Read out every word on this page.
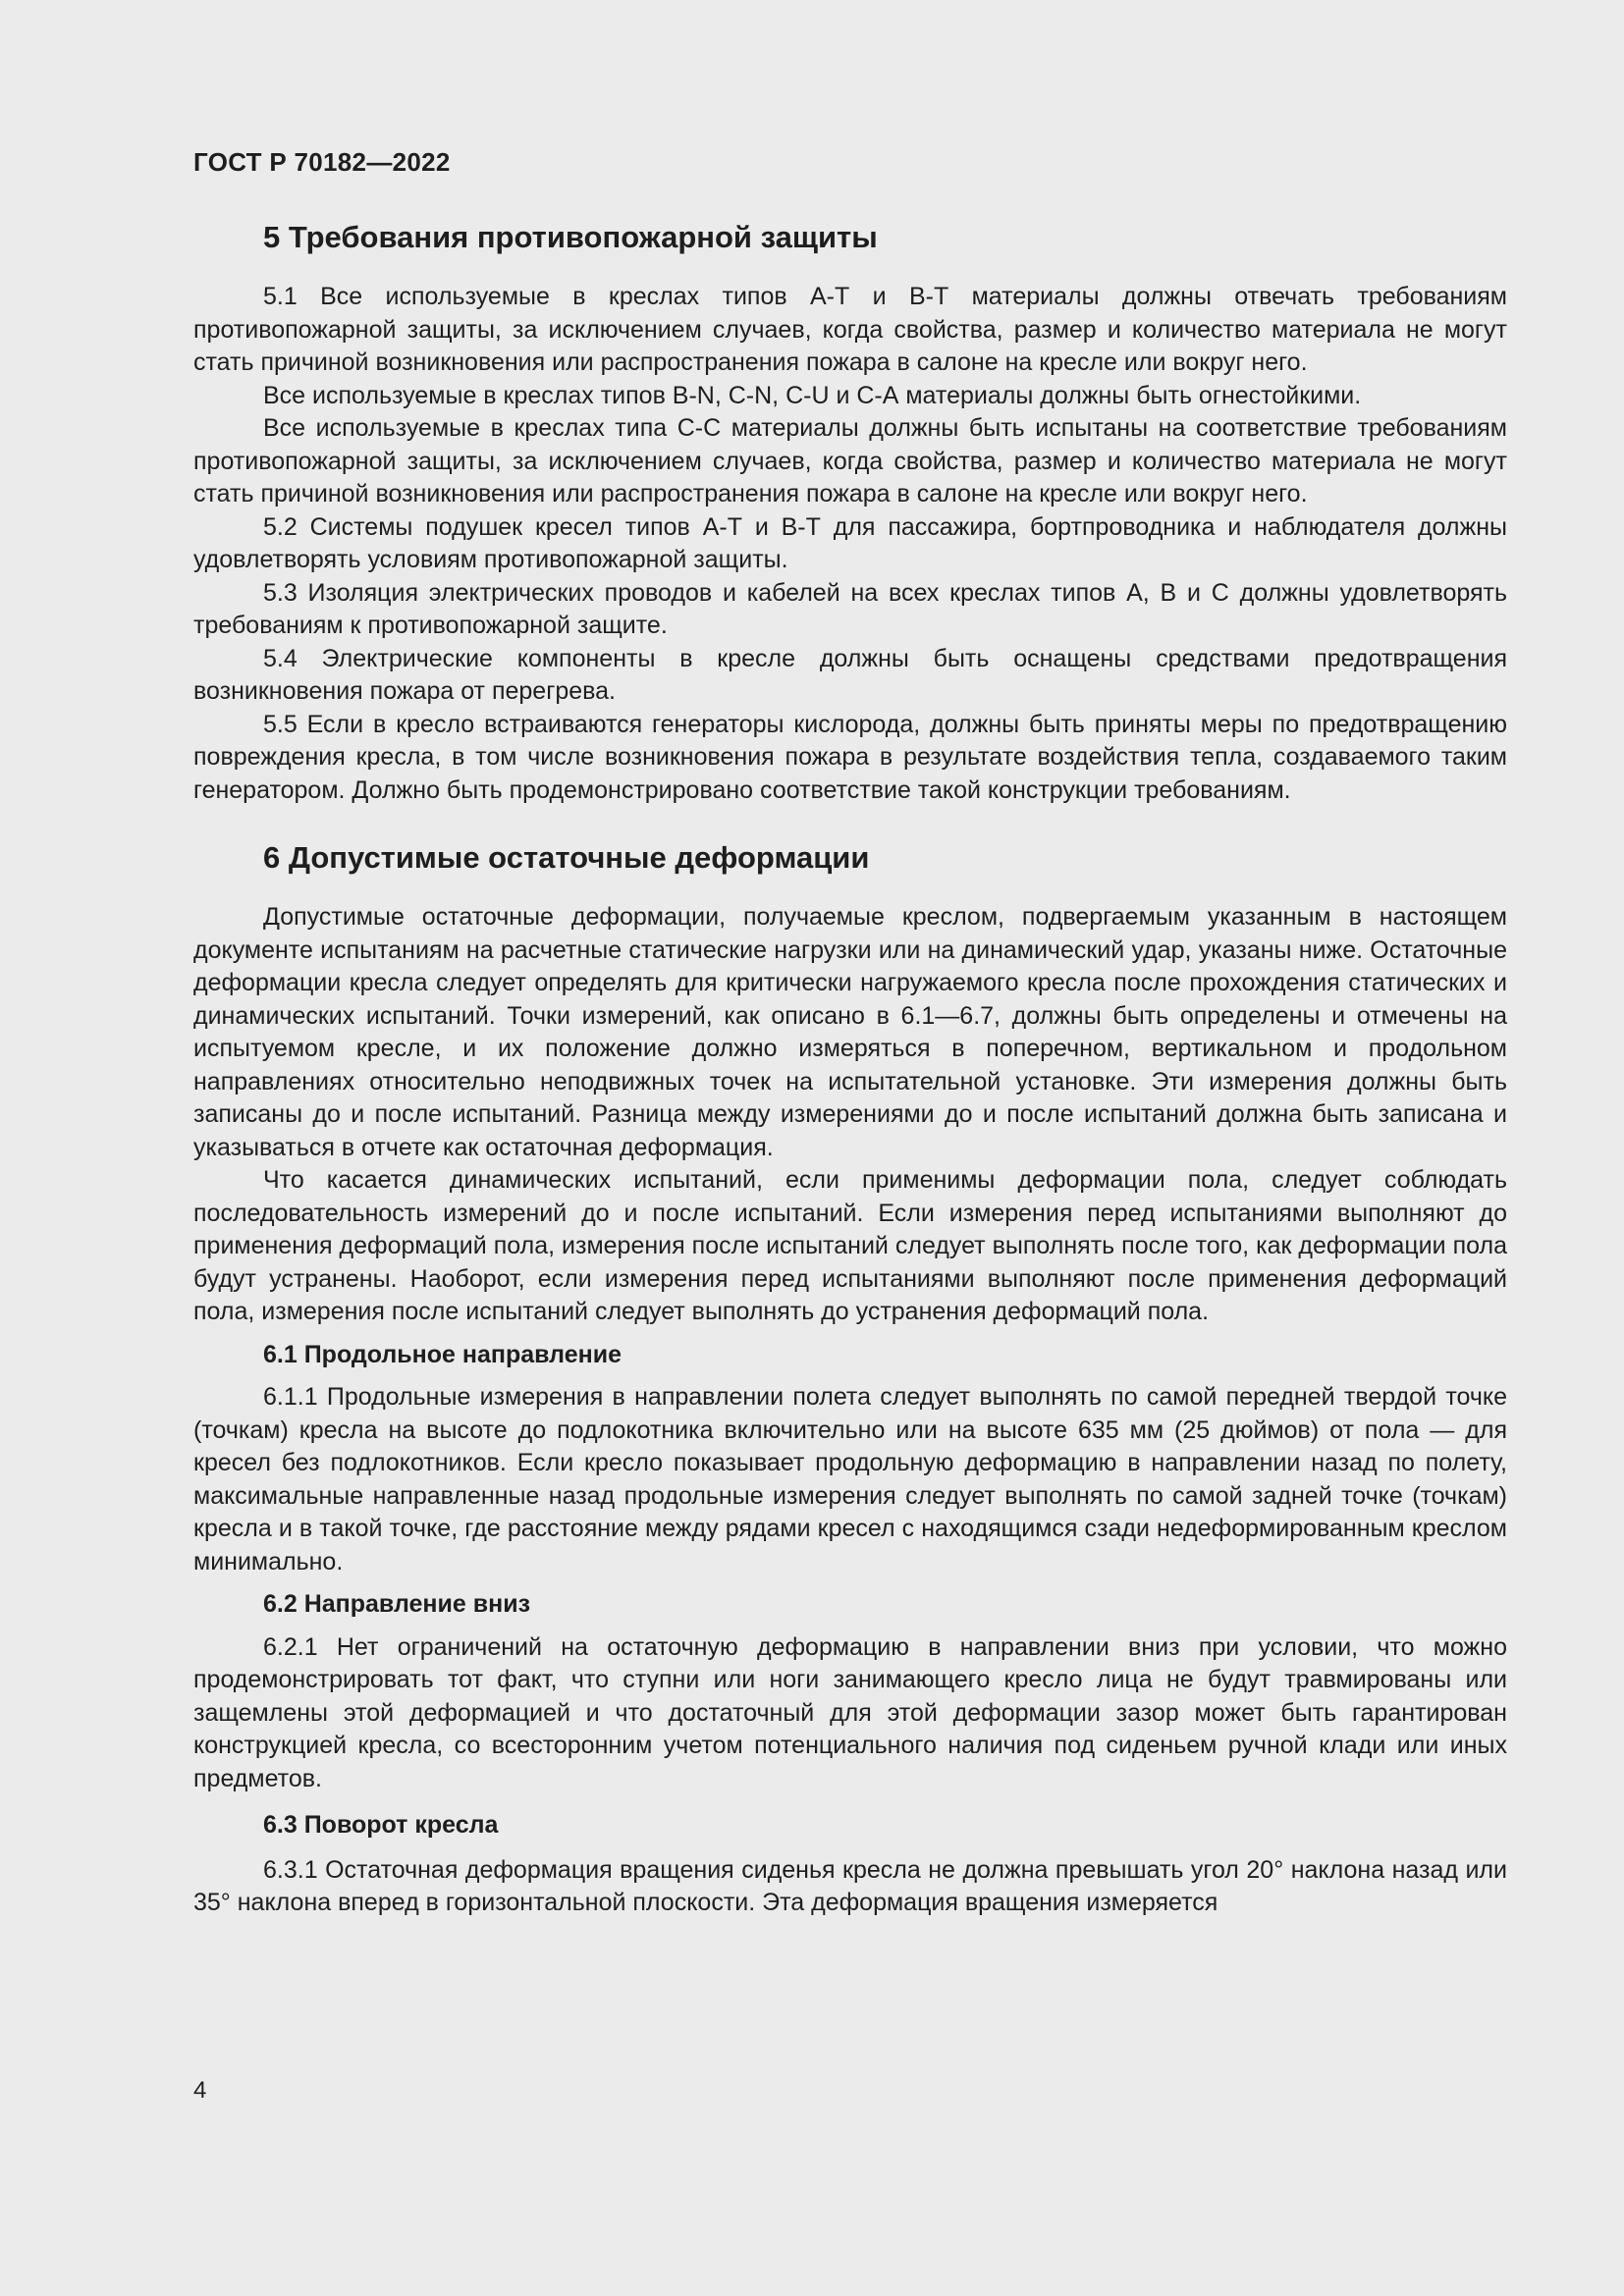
ГОСТ Р 70182—2022
5 Требования противопожарной защиты

5.1 Все используемые в креслах типов А-Т и В-Т материалы должны отвечать требованиям противопожарной защиты, за исключением случаев, когда свойства, размер и количество материала не могут стать причиной возникновения или распространения пожара в салоне на кресле или вокруг него.

Все используемые в креслах типов В-N, С-N, С-U и С-А материалы должны быть огнестойкими.

Все используемые в креслах типа С-С материалы должны быть испытаны на соответствие требованиям противопожарной защиты, за исключением случаев, когда свойства, размер и количество материала не могут стать причиной возникновения или распространения пожара в салоне на кресле или вокруг него.

5.2 Системы подушек кресел типов А-Т и В-Т для пассажира, бортпроводника и наблюдателя должны удовлетворять условиям противопожарной защиты.

5.3 Изоляция электрических проводов и кабелей на всех креслах типов А, В и С должны удовлетворять требованиям к противопожарной защите.

5.4 Электрические компоненты в кресле должны быть оснащены средствами предотвращения возникновения пожара от перегрева.

5.5 Если в кресло встраиваются генераторы кислорода, должны быть приняты меры по предотвращению повреждения кресла, в том числе возникновения пожара в результате воздействия тепла, создаваемого таким генератором. Должно быть продемонстрировано соответствие такой конструкции требованиям.

6 Допустимые остаточные деформации

Допустимые остаточные деформации, получаемые креслом, подвергаемым указанным в настоящем документе испытаниям на расчетные статические нагрузки или на динамический удар, указаны ниже. Остаточные деформации кресла следует определять для критически нагружаемого кресла после прохождения статических и динамических испытаний. Точки измерений, как описано в 6.1—6.7, должны быть определены и отмечены на испытуемом кресле, и их положение должно измеряться в поперечном, вертикальном и продольном направлениях относительно неподвижных точек на испытательной установке. Эти измерения должны быть записаны до и после испытаний. Разница между измерениями до и после испытаний должна быть записана и указываться в отчете как остаточная деформация.

Что касается динамических испытаний, если применимы деформации пола, следует соблюдать последовательность измерений до и после испытаний. Если измерения перед испытаниями выполняют до применения деформаций пола, измерения после испытаний следует выполнять после того, как деформации пола будут устранены. Наоборот, если измерения перед испытаниями выполняют после применения деформаций пола, измерения после испытаний следует выполнять до устранения деформаций пола.

6.1 Продольное направление

6.1.1 Продольные измерения в направлении полета следует выполнять по самой передней твердой точке (точкам) кресла на высоте до подлокотника включительно или на высоте 635 мм (25 дюймов) от пола — для кресел без подлокотников. Если кресло показывает продольную деформацию в направлении назад по полету, максимальные направленные назад продольные измерения следует выполнять по самой задней точке (точкам) кресла и в такой точке, где расстояние между рядами кресел с находящимся сзади недеформированным креслом минимально.

6.2 Направление вниз

6.2.1 Нет ограничений на остаточную деформацию в направлении вниз при условии, что можно продемонстрировать тот факт, что ступни или ноги занимающего кресло лица не будут травмированы или защемлены этой деформацией и что достаточный для этой деформации зазор может быть гарантирован конструкцией кресла, со всесторонним учетом потенциального наличия под сиденьем ручной клади или иных предметов.

6.3 Поворот кресла

6.3.1 Остаточная деформация вращения сиденья кресла не должна превышать угол 20° наклона назад или 35° наклона вперед в горизонтальной плоскости. Эта деформация вращения измеряется

4
